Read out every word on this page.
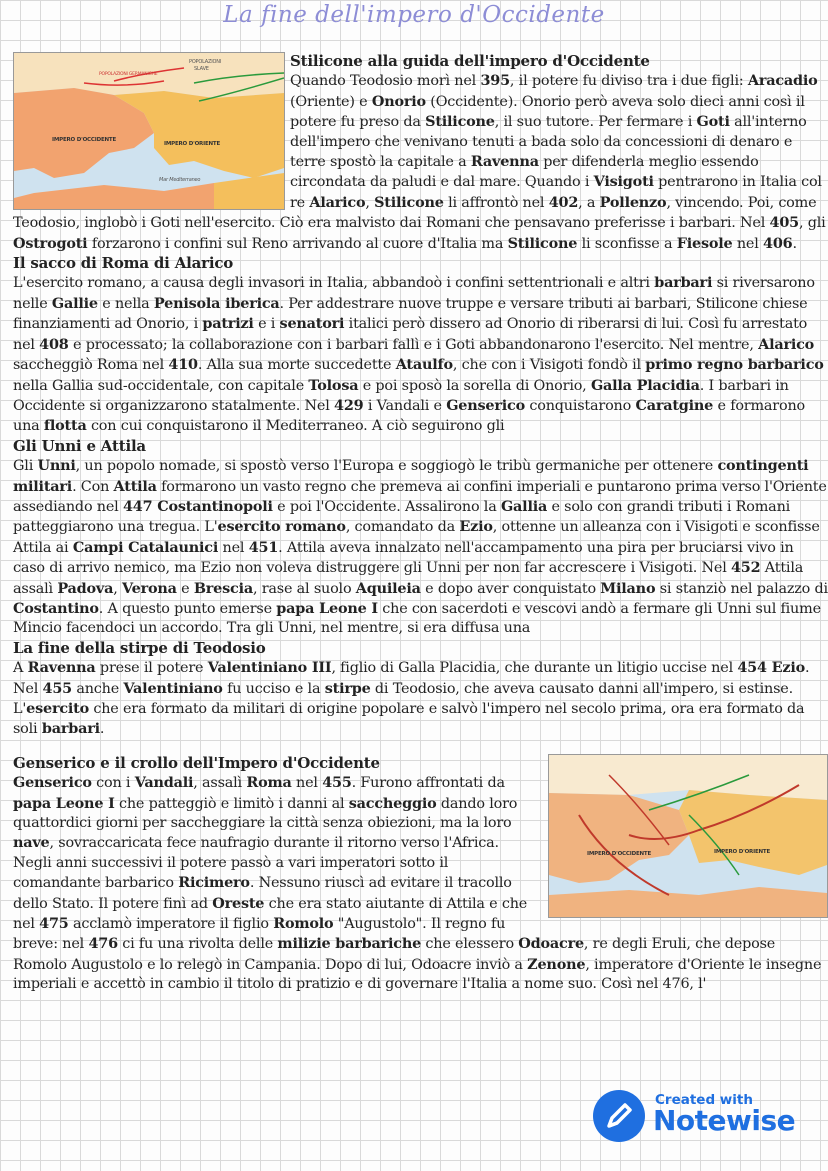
La fine dell'impero d'Occidente
POPOLAZIONI
SLAVE
POPOLAZIONI GERMANICHE
IMPERO D'OCCIDENTE
IMPERO D'ORIENTE
Mar Mediterraneo
Stilicone alla guida dell'impero d'Occidente

Quando Teodosio morì nel 395, il potere fu diviso tra i due figli: Aracadio (Oriente) e Onorio (Occidente). Onorio però aveva solo dieci anni così il potere fu preso da Stilicone, il suo tutore. Per fermare i Goti all'interno dell'impero che venivano tenuti a bada solo da concessioni di denaro e terre spostò la capitale a Ravenna per difenderla meglio essendo circondata da paludi e dal mare. Quando i Visigoti pentrarono in Italia col re Alarico, Stilicone li affrontò nel 402, a Pollenzo, vincendo. Poi, come Teodosio, inglobò i Goti nell'esercito. Ciò era malvisto dai Romani che pensavano preferisse i barbari. Nel 405, gli Ostrogoti forzarono i confini sul Reno arrivando al cuore d'Italia ma Stilicone li sconfisse a Fiesole nel 406.

Il sacco di Roma di Alarico

L'esercito romano, a causa degli invasori in Italia, abbandoò i confini settentrionali e altri barbari si riversarono nelle Gallie e nella Penisola iberica. Per addestrare nuove truppe e versare tributi ai barbari, Stilicone chiese finanziamenti ad Onorio, i patrizi e i senatori italici però dissero ad Onorio di riberarsi di lui. Così fu arrestato nel 408 e processato; la collaborazione con i barbari fallì e i Goti abbandonarono l'esercito. Nel mentre, Alarico saccheggiò Roma nel 410. Alla sua morte succedette Ataulfo, che con i Visigoti fondò il primo regno barbarico nella Gallia sud-occidentale, con capitale Tolosa e poi sposò la sorella di Onorio, Galla Placidia. I barbari in Occidente si organizzarono statalmente. Nel 429 i Vandali e Genserico conquistarono Caratgine e formarono una flotta con cui conquistarono il Mediterraneo. A ciò seguirono gli

Gli Unni e Attila

Gli Unni, un popolo nomade, si spostò verso l'Europa e soggiogò le tribù germaniche per ottenere contingenti militari. Con Attila formarono un vasto regno che premeva ai confini imperiali e puntarono prima verso l'Oriente assediando nel 447 Costantinopoli e poi l'Occidente. Assalirono la Gallia e solo con grandi tributi i Romani patteggiarono una tregua. L'esercito romano, comandato da Ezio, ottenne un alleanza con i Visigoti e sconfisse Attila ai Campi Catalaunici nel 451. Attila aveva innalzato nell'accampamento una pira per bruciarsi vivo in caso di arrivo nemico, ma Ezio non voleva distruggere gli Unni per non far accrescere i Visigoti. Nel 452 Attila assalì Padova, Verona e Brescia, rase al suolo Aquileia e dopo aver conquistato Milano si stanziò nel palazzo di Costantino. A questo punto emerse papa Leone I che con sacerdoti e vescovi andò a fermare gli Unni sul fiume Mincio facendoci un accordo. Tra gli Unni, nel mentre, si era diffusa una

La fine della stirpe di Teodosio

A Ravenna prese il potere Valentiniano III, figlio di Galla Placidia, che durante un litigio uccise nel 454 Ezio. Nel 455 anche Valentiniano fu ucciso e la stirpe di Teodosio, che aveva causato danni all'impero, si estinse. L'esercito che era formato da militari di origine popolare e salvò l'impero nel secolo prima, ora era formato da soli barbari.

IMPERO D'OCCIDENTE	IMPERO D'ORIENTE
Genserico e il crollo dell'Impero d'Occidente

Genserico con i Vandali, assalì Roma nel 455. Furono affrontati da papa Leone I che patteggiò e limitò i danni al saccheggio dando loro quattordici giorni per saccheggiare la città senza obiezioni, ma la loro nave, sovraccaricata fece naufragio durante il ritorno verso l'Africa. Negli anni successivi il potere passò a vari imperatori sotto il comandante barbarico Ricimero. Nessuno riuscì ad evitare il tracollo dello Stato. Il potere finì ad Oreste che era stato aiutante di Attila e che nel 475 acclamò imperatore il figlio Romolo "Augustolo". Il regno fu breve: nel 476 ci fu una rivolta delle milizie barbariche che elessero Odoacre, re degli Eruli, che depose Romolo Augustolo e lo relegò in Campania. Dopo di lui, Odoacre inviò a Zenone, imperatore d'Oriente le insegne imperiali e accettò in cambio il titolo di pratizio e di governare l'Italia a nome suo. Così nel 476, l'

Created with
Notewise
